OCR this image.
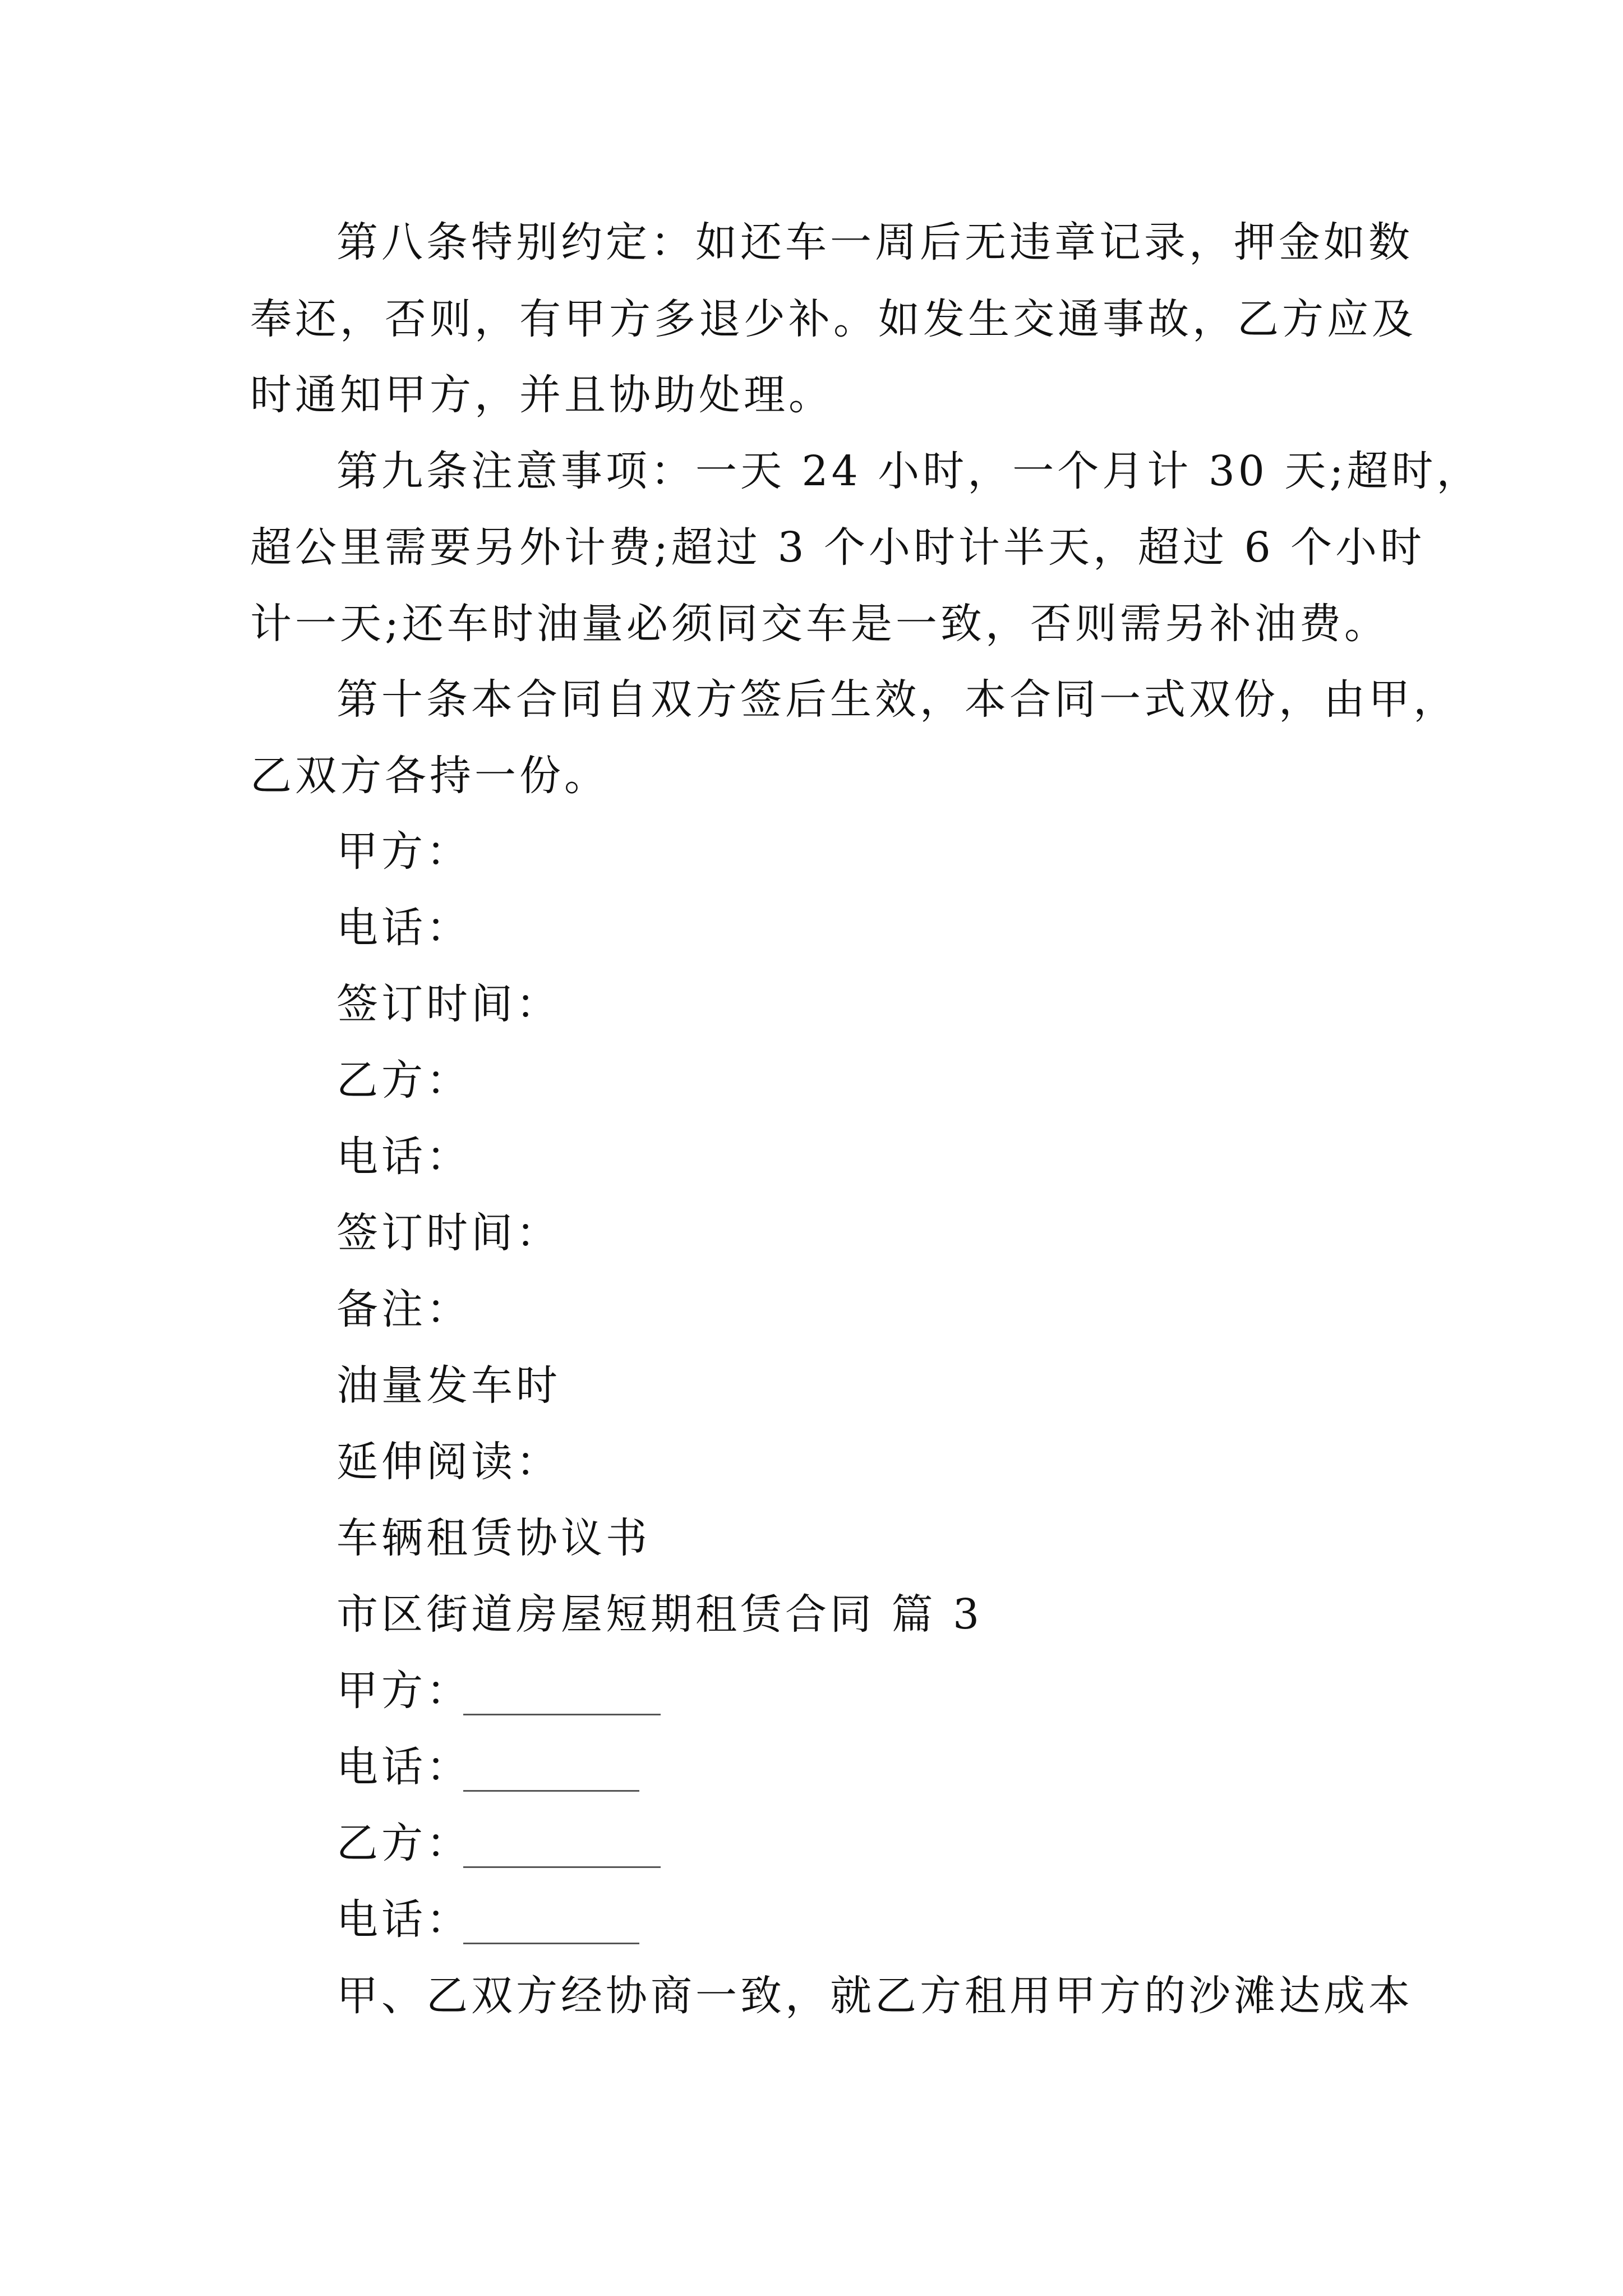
第八条特别约定：如还车一周后无违章记录，押金如数
奉还，否则，有甲方多退少补。如发生交通事故，乙方应及
时通知甲方，并且协助处理。
第九条注意事项：一天 24 小时，一个月计 30 天;超时，
超公里需要另外计费;超过 3 个小时计半天，超过 6 个小时
计一天;还车时油量必须同交车是一致，否则需另补油费。
第十条本合同自双方签后生效，本合同一式双份，由甲，
乙双方各持一份。
甲方：
电话：
签订时间：
乙方：
电话：
签订时间：
备注：
油量发车时
延伸阅读：
车辆租赁协议书
市区街道房屋短期租赁合同 篇 3
甲方：
电话：
乙方：
电话：
甲、乙双方经协商一致，就乙方租用甲方的沙滩达成本
